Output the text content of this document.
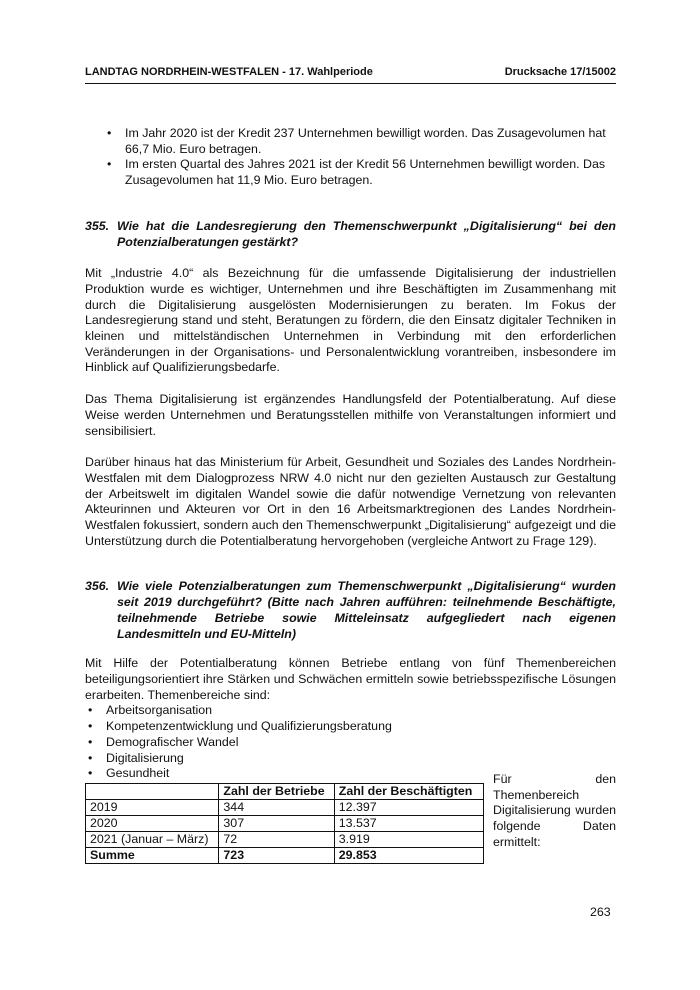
LANDTAG NORDRHEIN-WESTFALEN - 17. Wahlperiode	Drucksache 17/15002
• Im Jahr 2020 ist der Kredit 237 Unternehmen bewilligt worden. Das Zusagevolumen hat 66,7 Mio. Euro betragen.
• Im ersten Quartal des Jahres 2021 ist der Kredit 56 Unternehmen bewilligt worden. Das Zusagevolumen hat 11,9 Mio. Euro betragen.
355. Wie hat die Landesregierung den Themenschwerpunkt „Digitalisierung“ bei den Potenzialberatungen gestärkt?

Mit „Industrie 4.0“ als Bezeichnung für die umfassende Digitalisierung der industriellen Produktion wurde es wichtiger, Unternehmen und ihre Beschäftigten im Zusammenhang mit durch die Digitalisierung ausgelösten Modernisierungen zu beraten. Im Fokus der Landesregierung stand und steht, Beratungen zu fördern, die den Einsatz digitaler Techniken in kleinen und mittelständischen Unternehmen in Verbindung mit den erforderlichen Veränderungen in der Organisations- und Personalentwicklung vorantreiben, insbesondere im Hinblick auf Qualifizierungsbedarfe.

Das Thema Digitalisierung ist ergänzendes Handlungsfeld der Potentialberatung. Auf diese Weise werden Unternehmen und Beratungsstellen mithilfe von Veranstaltungen informiert und sensibilisiert.

Darüber hinaus hat das Ministerium für Arbeit, Gesundheit und Soziales des Landes Nordrhein-Westfalen mit dem Dialogprozess NRW 4.0 nicht nur den gezielten Austausch zur Gestaltung der Arbeitswelt im digitalen Wandel sowie die dafür notwendige Vernetzung von relevanten Akteurinnen und Akteuren vor Ort in den 16 Arbeitsmarktregionen des Landes Nordrhein-Westfalen fokussiert, sondern auch den Themenschwerpunkt „Digitalisierung“ aufgezeigt und die Unterstützung durch die Potentialberatung hervorgehoben (vergleiche Antwort zu Frage 129).

356. Wie viele Potenzialberatungen zum Themenschwerpunkt „Digitalisierung“ wurden seit 2019 durchgeführt? (Bitte nach Jahren aufführen: teilnehmende Beschäftigte, teilnehmende Betriebe sowie Mitteleinsatz aufgegliedert nach eigenen Landesmitteln und EU-Mitteln)

Mit Hilfe der Potentialberatung können Betriebe entlang von fünf Themenbereichen beteiligungsorientiert ihre Stärken und Schwächen ermitteln sowie betriebsspezifische Lösungen erarbeiten. Themenbereiche sind:

• Arbeitsorganisation
• Kompetenzentwicklung und Qualifizierungsberatung
• Demografischer Wandel
• Digitalisierung
• Gesundheit
	Zahl der Betriebe	Zahl der Beschäftigten
2019	344	12.397
2020	307	13.537
2021 (Januar – März)	72	3.919
Summe	723	29.853
Für den Themenbereich Digitalisierung wurden folgende Daten ermittelt:
263
